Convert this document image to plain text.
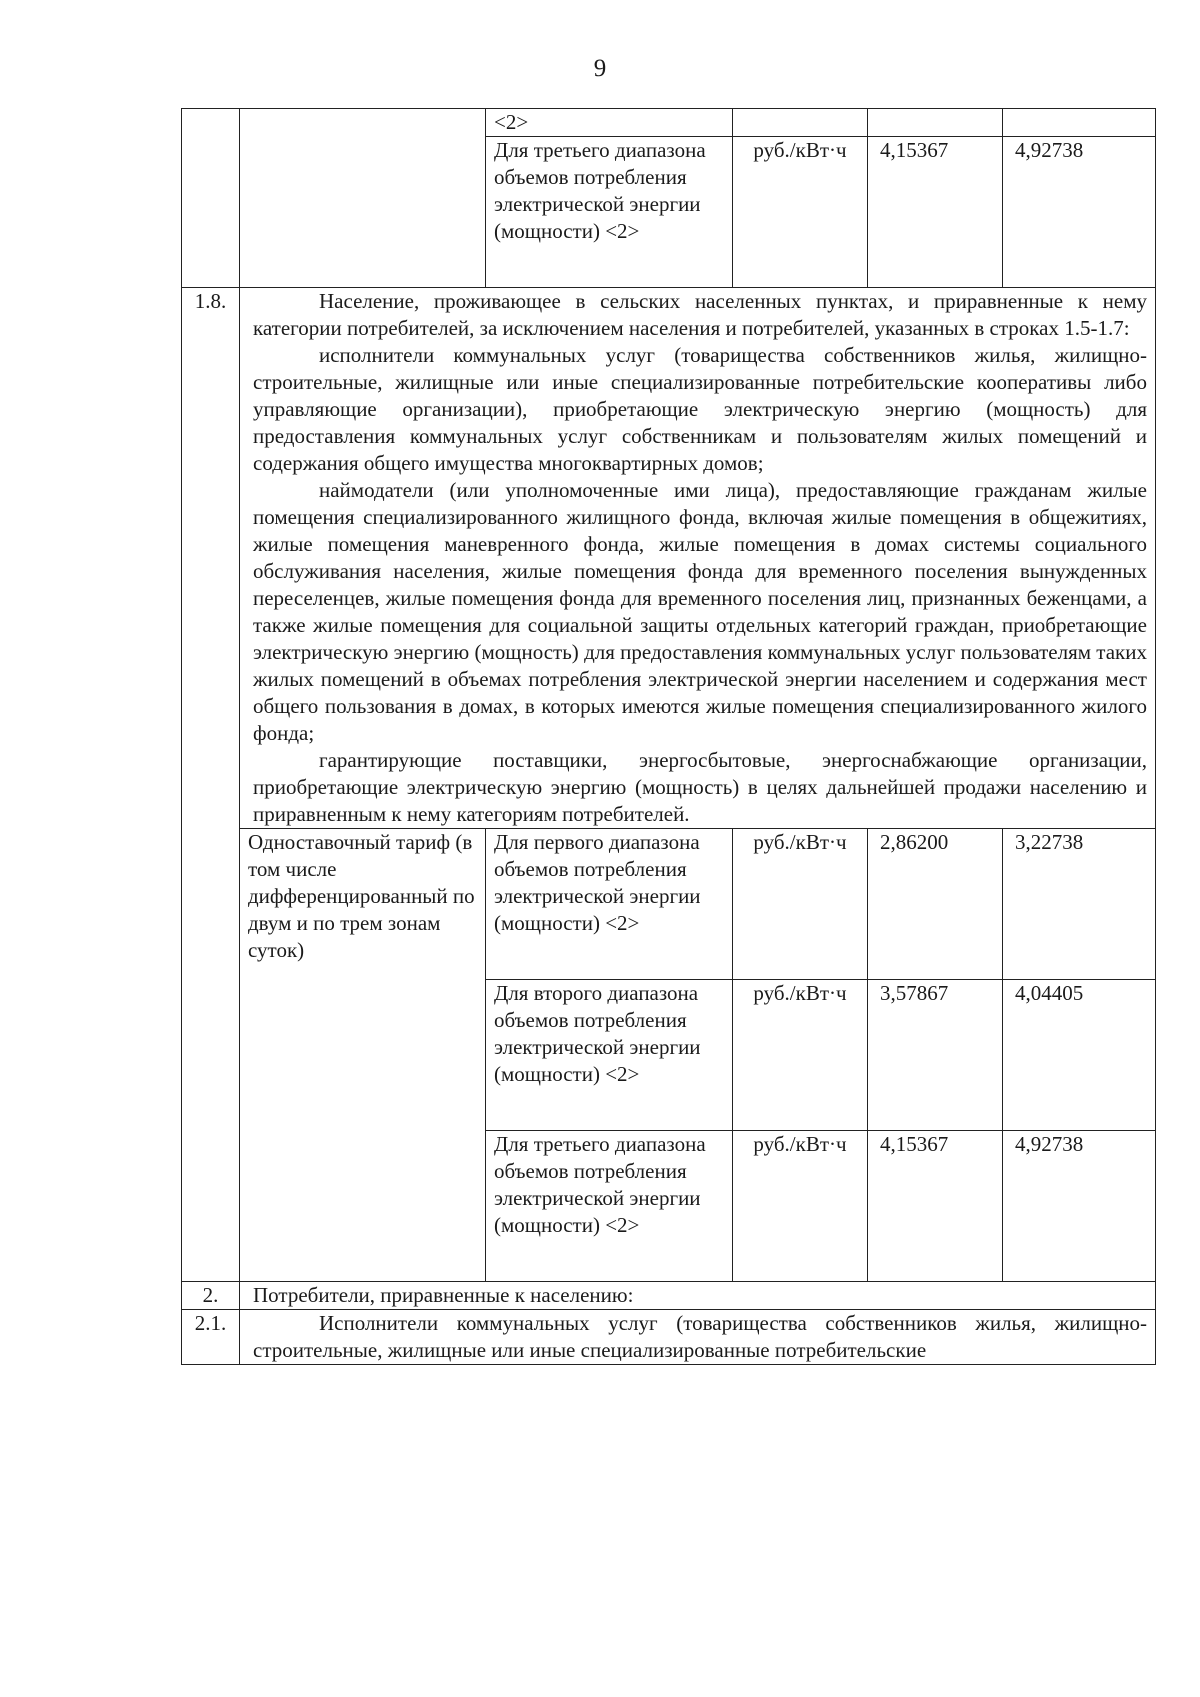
9
		<2>			
		Для третьего диапазона объемов потребления электрической энергии (мощности) <2>	руб./кВт·ч	4,15367	4,92738
1.8.	Население, проживающее в сельских населенных пунктах, и приравненные к нему категории потребителей, за исключением населения и потребителей, указанных в строках 1.5-1.7:

исполнители коммунальных услуг (товарищества собственников жилья, жилищно-строительные, жилищные или иные специализированные потребительские кооперативы либо управляющие организации), приобретающие электрическую энергию (мощность) для предоставления коммунальных услуг собственникам и пользователям жилых помещений и содержания общего имущества многоквартирных домов;

наймодатели (или уполномоченные ими лица), предоставляющие гражданам жилые помещения специализированного жилищного фонда, включая жилые помещения в общежитиях, жилые помещения маневренного фонда, жилые помещения в домах системы социального обслуживания населения, жилые помещения фонда для временного поселения вынужденных переселенцев, жилые помещения фонда для временного поселения лиц, признанных беженцами, а также жилые помещения для социальной защиты отдельных категорий граждан, приобретающие электрическую энергию (мощность) для предоставления коммунальных услуг пользователям таких жилых помещений в объемах потребления электрической энергии населением и содержания мест общего пользования в домах, в которых имеются жилые помещения специализированного жилого фонда;

гарантирующие поставщики, энергосбытовые, энергоснабжающие организации, приобретающие электрическую энергию (мощность) в целях дальнейшей продажи населению и приравненным к нему категориям потребителей.				

	Одноставочный тариф (в том числе дифференцированный по двум и по трем зонам суток)	Для первого диапазона объемов потребления электрической энергии (мощности) <2>	руб./кВт·ч	2,86200	3,22738
		Для второго диапазона объемов потребления электрической энергии (мощности) <2>	руб./кВт·ч	3,57867	4,04405
		Для третьего диапазона объемов потребления электрической энергии (мощности) <2>	руб./кВт·ч	4,15367	4,92738
2.	Потребители, приравненные к населению:				
2.1.	Исполнители коммунальных услуг (товарищества собственников жилья, жилищно-строительные, жилищные или иные специализированные потребительские				
